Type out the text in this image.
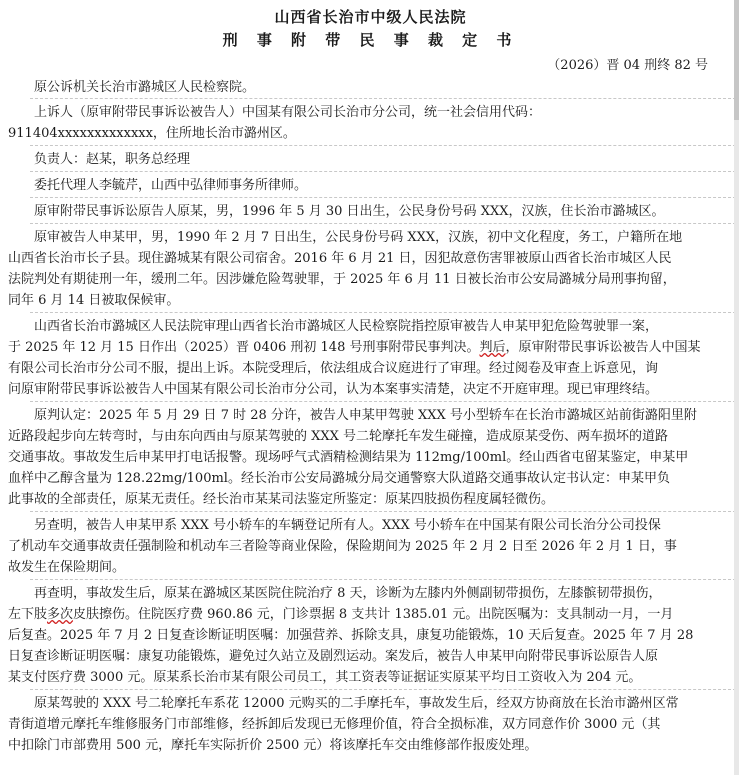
山西省长治市中级人民法院
刑 事 附 带 民 事 裁 定 书
（2026）晋 04 刑终 82 号
原公诉机关长治市潞城区人民检察院。
上诉人（原审附带民事诉讼被告人）中国某有限公司长治市分公司，统一社会信用代码：
911404xxxxxxxxxxxxx，住所地长治市潞州区。
负责人：赵某，职务总经理
委托代理人李毓芹，山西中弘律师事务所律师。
原审附带民事诉讼原告人原某，男，1996 年 5 月 30 日出生，公民身份号码 XXX，汉族，住长治市潞城区。
原审被告人申某甲，男，1990 年 2 月 7 日出生，公民身份号码 XXX，汉族，初中文化程度，务工，户籍所在地
山西省长治市长子县。现住潞城某有限公司宿舍。2016 年 6 月 21 日，因犯故意伤害罪被原山西省长治市城区人民
法院判处有期徒刑一年，缓刑二年。因涉嫌危险驾驶罪，于 2025 年 6 月 11 日被长治市公安局潞城分局刑事拘留，
同年 6 月 14 日被取保候审。
山西省长治市潞城区人民法院审理山西省长治市潞城区人民检察院指控原审被告人申某甲犯危险驾驶罪一案，
于 2025 年 12 月 15 日作出（2025）晋 0406 刑初 148 号刑事附带民事判决。判后，原审附带民事诉讼被告人中国某
有限公司长治市分公司不服，提出上诉。本院受理后，依法组成合议庭进行了审理。经过阅卷及审查上诉意见，询
问原审附带民事诉讼被告人中国某有限公司长治市分公司，认为本案事实清楚，决定不开庭审理。现已审理终结。
原判认定：2025 年 5 月 29 日 7 时 28 分许，被告人申某甲驾驶 XXX 号小型轿车在长治市潞城区站前街潞阳里附
近路段起步向左转弯时，与由东向西由与原某驾驶的 XXX 号二轮摩托车发生碰撞，造成原某受伤、两车损坏的道路
交通事故。事故发生后申某甲打电话报警。现场呼气式酒精检测结果为 112mg/100ml。经山西省屯留某鉴定，申某甲
血样中乙醇含量为 128.22mg/100ml。经长治市公安局潞城分局交通警察大队道路交通事故认定书认定：申某甲负
此事故的全部责任，原某无责任。经长治市某某司法鉴定所鉴定：原某四肢损伤程度属轻微伤。
另查明，被告人申某甲系 XXX 号小轿车的车辆登记所有人。XXX 号小轿车在中国某有限公司长治分公司投保
了机动车交通事故责任强制险和机动车三者险等商业保险，保险期间为 2025 年 2 月 2 日至 2026 年 2 月 1 日，事
故发生在保险期间。
再查明，事故发生后，原某在潞城区某医院住院治疗 8 天，诊断为左膝内外侧副韧带损伤，左膝髌韧带损伤，
左下肢多次皮肤擦伤。住院医疗费 960.86 元，门诊票据 8 支共计 1385.01 元。出院医嘱为：支具制动一月，一月
后复查。2025 年 7 月 2 日复查诊断证明医嘱：加强营养、拆除支具，康复功能锻炼，10 天后复查。2025 年 7 月 28
日复查诊断证明医嘱：康复功能锻炼，避免过久站立及剧烈运动。案发后，被告人申某甲向附带民事诉讼原告人原
某支付医疗费 3000 元。原某系长治市某有限公司员工，其工资表等证据证实原某平均日工资收入为 204 元。
原某驾驶的 XXX 号二轮摩托车系花 12000 元购买的二手摩托车，事故发生后，经双方协商放在长治市潞州区常
青街道增元摩托车维修服务门市部维修，经拆卸后发现已无修理价值，符合全损标准，双方同意作价 3000 元（其
中扣除门市部费用 500 元，摩托车实际折价 2500 元）将该摩托车交由维修部作报废处理。
